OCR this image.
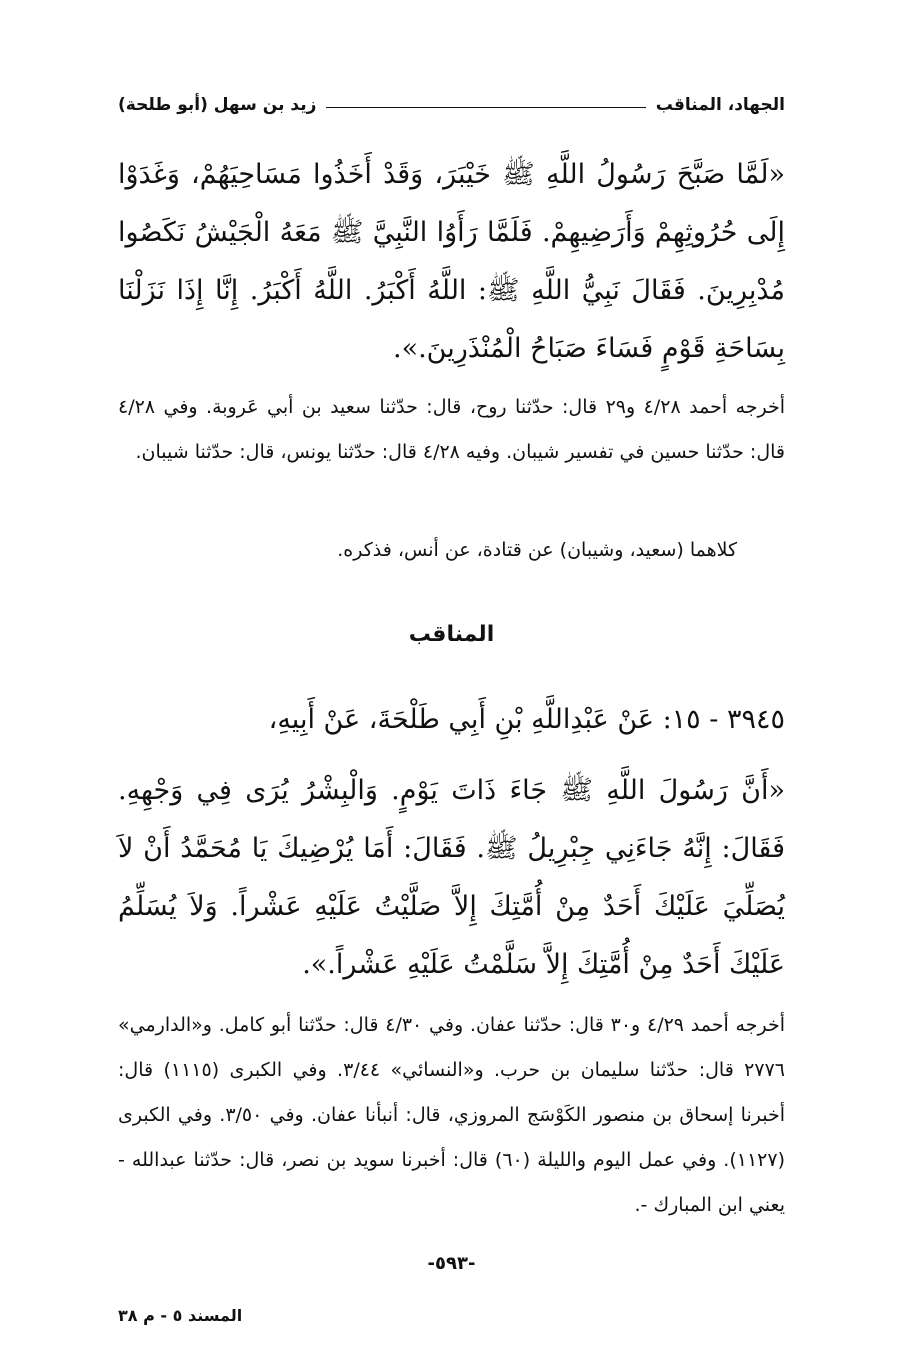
الجهاد، المناقب
زيد بن سهل (أبو طلحة)
«لَمَّا صَبَّحَ رَسُولُ اللَّهِ ﷺ خَيْبَرَ، وَقَدْ أَخَذُوا مَسَاحِيَهُمْ، وَغَدَوْا إِلَى حُرُوثِهِمْ وَأَرَضِيهِمْ. فَلَمَّا رَأَوُا النَّبِيَّ ﷺ مَعَهُ الْجَيْشُ نَكَصُوا مُدْبِرِينَ. فَقَالَ نَبِيُّ اللَّهِ ﷺ: اللَّهُ أَكْبَرُ. اللَّهُ أَكْبَرُ. إِنَّا إِذَا نَزَلْنَا بِسَاحَةِ قَوْمٍ فَسَاءَ صَبَاحُ الْمُنْذَرِينَ.».
أخرجه أحمد ٤/٢٨ و٢٩ قال: حدّثنا روح، قال: حدّثنا سعيد بن أبي عَروبة. وفي ٤/٢٨ قال: حدّثنا حسين في تفسير شيبان. وفيه ٤/٢٨ قال: حدّثنا يونس، قال: حدّثنا شيبان.
كلاهما (سعيد، وشيبان) عن قتادة، عن أنس، فذكره.
المناقب
٣٩٤٥ - ١٥: عَنْ عَبْدِاللَّهِ بْنِ أَبِي طَلْحَةَ، عَنْ أَبِيهِ،
«أَنَّ رَسُولَ اللَّهِ ﷺ جَاءَ ذَاتَ يَوْمٍ. وَالْبِشْرُ يُرَى فِي وَجْهِهِ. فَقَالَ: إِنَّهُ جَاءَنِي جِبْرِيلُ ﷺ. فَقَالَ: أَمَا يُرْضِيكَ يَا مُحَمَّدُ أَنْ لاَ يُصَلِّيَ عَلَيْكَ أَحَدٌ مِنْ أُمَّتِكَ إِلاَّ صَلَّيْتُ عَلَيْهِ عَشْراً. وَلاَ يُسَلِّمُ عَلَيْكَ أَحَدٌ مِنْ أُمَّتِكَ إِلاَّ سَلَّمْتُ عَلَيْهِ عَشْراً.».
أخرجه أحمد ٤/٢٩ و٣٠ قال: حدّثنا عفان. وفي ٤/٣٠ قال: حدّثنا أبو كامل. و«الدارمي» ٢٧٧٦ قال: حدّثنا سليمان بن حرب. و«النسائي» ٣/٤٤. وفي الكبرى (١١١٥) قال: أخبرنا إسحاق بن منصور الكَوْسَج المروزي، قال: أنبأنا عفان. وفي ٣/٥٠. وفي الكبرى (١١٢٧). وفي عمل اليوم والليلة (٦٠) قال: أخبرنا سويد بن نصر، قال: حدّثنا عبدالله - يعني ابن المبارك -.
-٥٩٣-
المسند ٥ - م ٣٨
